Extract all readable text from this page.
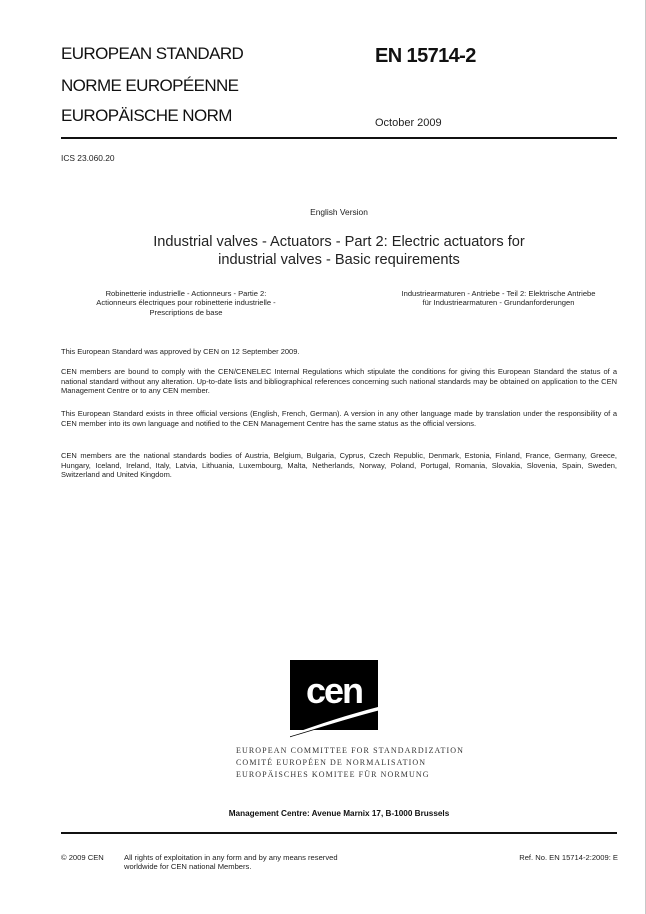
EUROPEAN STANDARD
NORME EUROPÉENNE
EUROPÄISCHE NORM
EN 15714-2
October 2009
ICS 23.060.20
English Version
Industrial valves - Actuators - Part 2: Electric actuators for
industrial valves - Basic requirements
Robinetterie industrielle - Actionneurs - Partie 2:
Actionneurs électriques pour robinetterie industrielle -
Prescriptions de base
Industriearmaturen - Antriebe - Teil 2: Elektrische Antriebe
für Industriearmaturen - Grundanforderungen
This European Standard was approved by CEN on 12 September 2009.
CEN members are bound to comply with the CEN/CENELEC Internal Regulations which stipulate the conditions for giving this European Standard the status of a national standard without any alteration. Up-to-date lists and bibliographical references concerning such national standards may be obtained on application to the CEN Management Centre or to any CEN member.
This European Standard exists in three official versions (English, French, German). A version in any other language made by translation under the responsibility of a CEN member into its own language and notified to the CEN Management Centre has the same status as the official versions.
CEN members are the national standards bodies of Austria, Belgium, Bulgaria, Cyprus, Czech Republic, Denmark, Estonia, Finland, France, Germany, Greece, Hungary, Iceland, Ireland, Italy, Latvia, Lithuania, Luxembourg, Malta, Netherlands, Norway, Poland, Portugal, Romania, Slovakia, Slovenia, Spain, Sweden, Switzerland and United Kingdom.
cen
EUROPEAN COMMITTEE FOR STANDARDIZATION
COMITÉ EUROPÉEN DE NORMALISATION
EUROPÄISCHES KOMITEE FÜR NORMUNG
Management Centre: Avenue Marnix 17, B-1000 Brussels
© 2009 CEN	All rights of exploitation in any form and by any means reserved
worldwide for CEN national Members.
Ref. No. EN 15714-2:2009: E
